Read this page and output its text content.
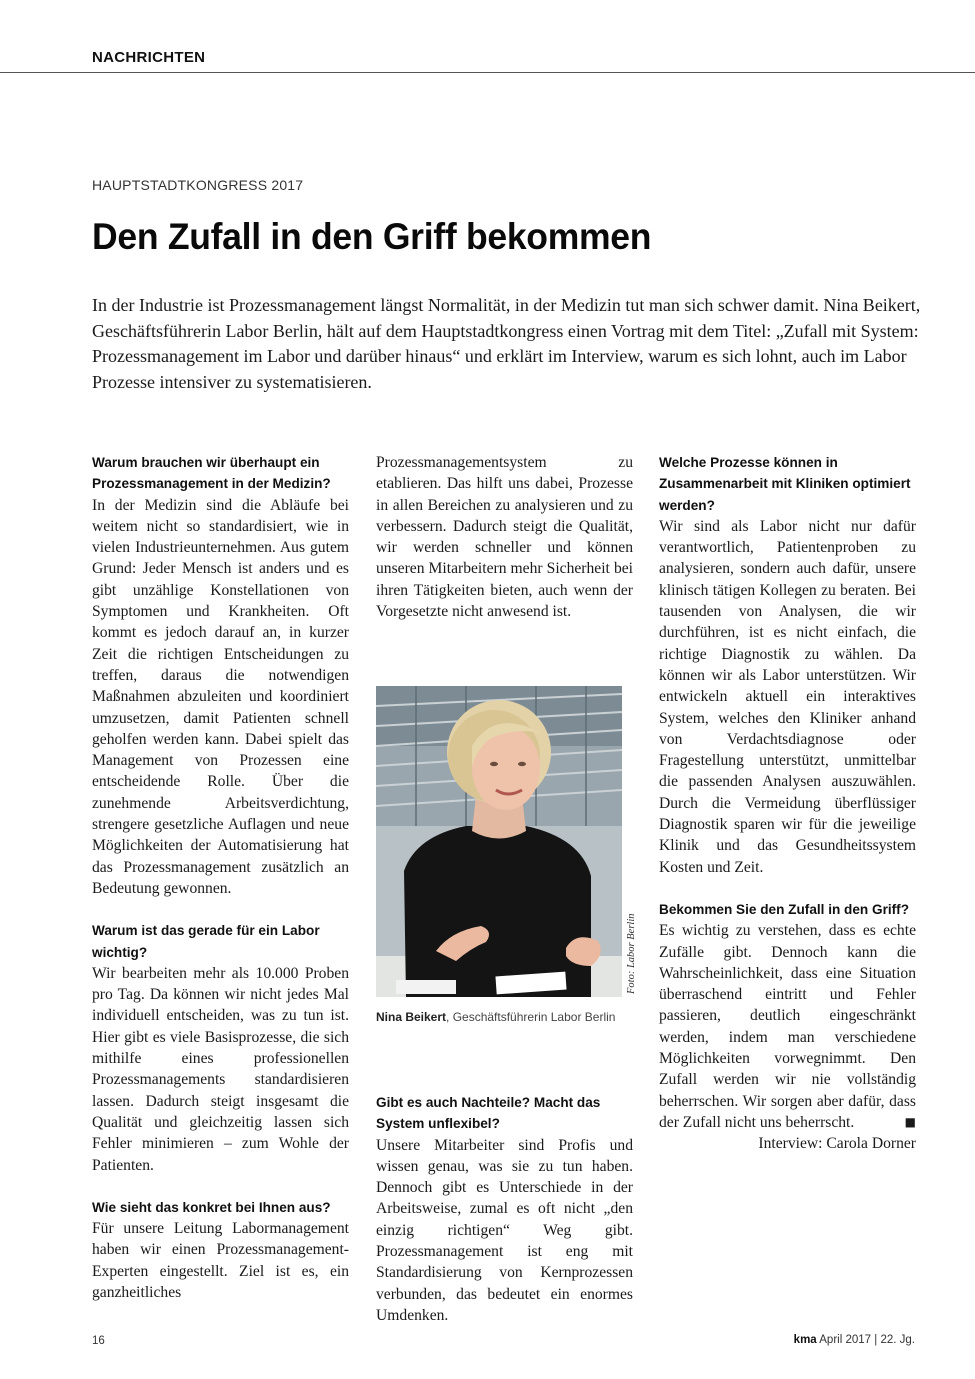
NACHRICHTEN
HAUPTSTADTKONGRESS 2017
Den Zufall in den Griff bekommen

In der Industrie ist Prozessmanagement längst Normalität, in der Medizin tut man sich schwer damit. Nina Beikert, Geschäftsführerin Labor Berlin, hält auf dem Hauptstadtkongress einen Vortrag mit dem Titel: „Zufall mit System: Prozessmanagement im Labor und darüber hinaus“ und erklärt im Interview, warum es sich lohnt, auch im Labor Prozesse intensiver zu systematisieren.

Warum brauchen wir überhaupt ein Prozessmanagement in der Medizin?

In der Medizin sind die Abläufe bei weitem nicht so standardisiert, wie in vielen Industrieunternehmen. Aus gutem Grund: Jeder Mensch ist anders und es gibt unzählige Konstellationen von Symptomen und Krankheiten. Oft kommt es jedoch darauf an, in kurzer Zeit die richtigen Entscheidungen zu treffen, daraus die notwendigen Maßnahmen abzuleiten und koordiniert umzusetzen, damit Patienten schnell geholfen werden kann. Dabei spielt das Management von Prozessen eine entscheidende Rolle. Über die zunehmende Arbeitsverdichtung, strengere gesetzliche Auflagen und neue Möglichkeiten der Automatisierung hat das Prozessmanagement zusätzlich an Bedeutung gewonnen.

Warum ist das gerade für ein Labor wichtig?

Wir bearbeiten mehr als 10.000 Proben pro Tag. Da können wir nicht jedes Mal individuell entscheiden, was zu tun ist. Hier gibt es viele Basisprozesse, die sich mithilfe eines professionellen Prozessmanagements standardisieren lassen. Dadurch steigt insgesamt die Qualität und gleichzeitig lassen sich Fehler minimieren – zum Wohle der Patienten.

Wie sieht das konkret bei Ihnen aus?

Für unsere Leitung Labormanagement haben wir einen Prozessmanagement-Experten eingestellt. Ziel ist es, ein ganzheitliches

Prozessmanagementsystem zu etablieren. Das hilft uns dabei, Prozesse in allen Bereichen zu analysieren und zu verbessern. Dadurch steigt die Qualität, wir werden schneller und können unseren Mitarbeitern mehr Sicherheit bei ihren Tätigkeiten bieten, auch wenn der Vorgesetzte nicht anwesend ist.

Foto: Labor Berlin
Nina Beikert, Geschäftsführerin Labor Berlin
Gibt es auch Nachteile? Macht das System unflexibel?

Unsere Mitarbeiter sind Profis und wissen genau, was sie zu tun haben. Dennoch gibt es Unterschiede in der Arbeitsweise, zumal es oft nicht „den einzig richtigen“ Weg gibt. Prozessmanagement ist eng mit Standardisierung von Kernprozessen verbunden, das bedeutet ein enormes Umdenken.

Welche Prozesse können in Zusammenarbeit mit Kliniken optimiert werden?

Wir sind als Labor nicht nur dafür verantwortlich, Patientenproben zu analysieren, sondern auch dafür, unsere klinisch tätigen Kollegen zu beraten. Bei tausenden von Analysen, die wir durchführen, ist es nicht einfach, die richtige Diagnostik zu wählen. Da können wir als Labor unterstützen. Wir entwickeln aktuell ein interaktives System, welches den Kliniker anhand von Verdachtsdiagnose oder Fragestellung unterstützt, unmittelbar die passenden Analysen auszuwählen. Durch die Vermeidung überflüssiger Diagnostik sparen wir für die jeweilige Klinik und das Gesundheitssystem Kosten und Zeit.

Bekommen Sie den Zufall in den Griff?

Es wichtig zu verstehen, dass es echte Zufälle gibt. Dennoch kann die Wahrscheinlichkeit, dass eine Situation überraschend eintritt und Fehler passieren, deutlich eingeschränkt werden, indem man verschiedene Möglichkeiten vorwegnimmt. Den Zufall werden wir nie vollständig beherrschen. Wir sorgen aber dafür, dass der Zufall nicht uns beherrscht.	■

Interview: Carola Dorner

16	kma April 2017 | 22. Jg.
